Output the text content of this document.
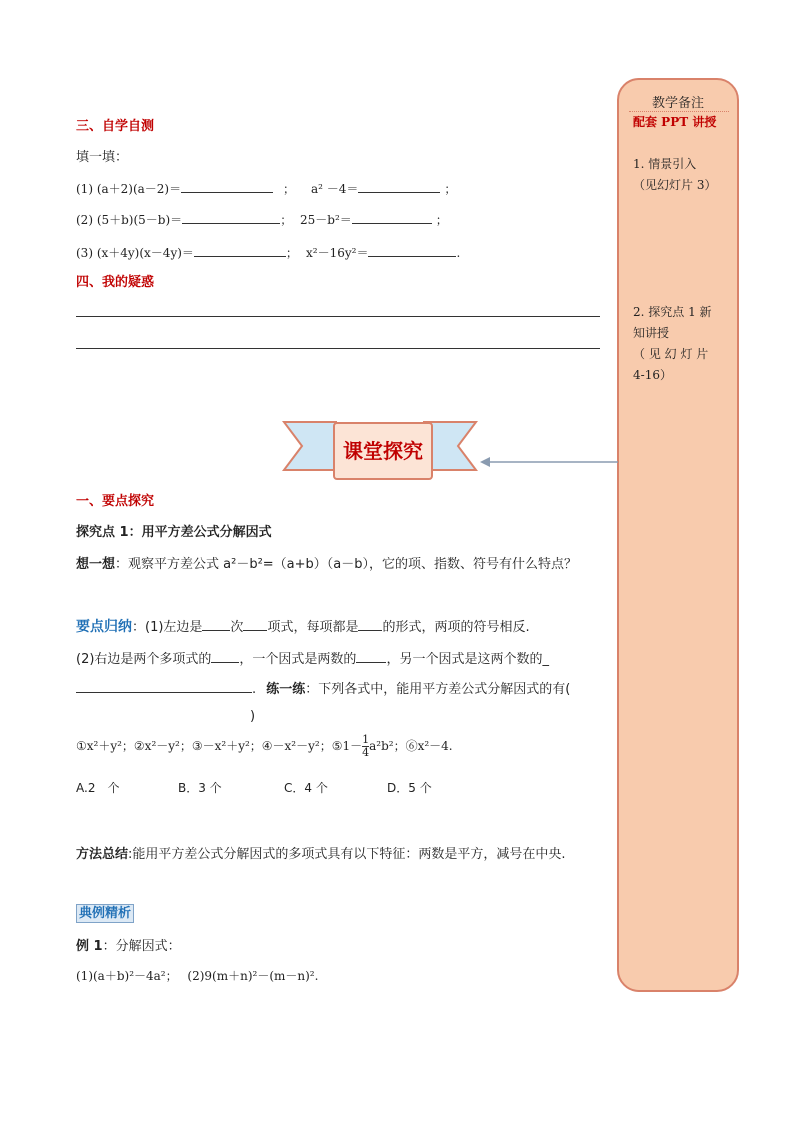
教学备注
配套 PPT 讲授
1. 情景引入
（见幻灯片 3）
2. 探究点 1 新
知讲授
（ 见 幻 灯 片
4-16）
三、自学自测
填一填：
(1) (a＋2)(a－2)＝	； a² －4＝	；
(2) (5＋b)(5－b)＝	； 25－b²＝	；
(3) (x＋4y)(x－4y)＝	； x²－16y²＝	.
四、我的疑惑
课堂探究
一、要点探究
探究点 1：用平方差公式分解因式
想一想：观察平方差公式 a²－b²=（a+b）（a－b），它的项、指数、符号有什么特点？
要点归纳：(1)左边是 次 项式，每项都是 的形式，两项的符号相反.
(2)右边是两个多项式的 ，一个因式是两数的 ，另一个因式是这两个数的_
. 练一练：下列各式中，能用平方差公式分解因式的有(
)
①x²＋y²；②x²－y²；③－x²＋y²；④－x²－y²；⑤1－ $\frac{1}{4} a^2b^2$；⑥x²－4.
A.2　个	B．3 个	C．4 个	D．5 个
方法总结:能用平方差公式分解因式的多项式具有以下特征：两数是平方，减号在中央.
典例精析
例 1：分解因式：
(1)(a＋b)²－4a²；　 (2)9(m＋n)²－(m－n)².
